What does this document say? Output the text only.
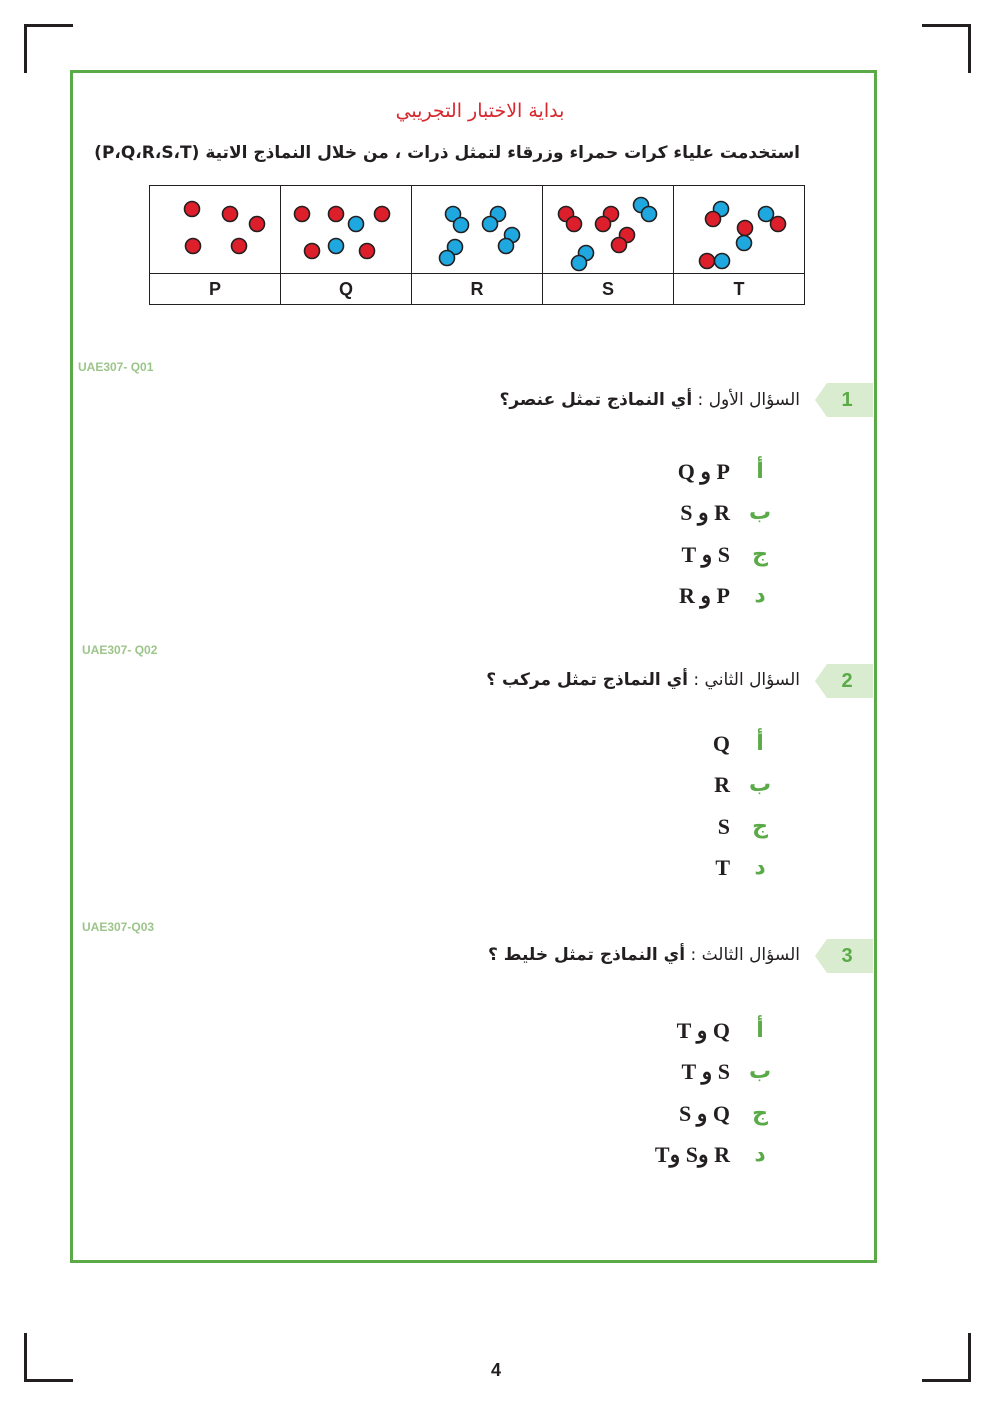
بداية الاختبار التجريبي
استخدمت علياء كرات حمراء وزرقاء لتمثل ذرات ، من خلال النماذج الاتية (P،Q،R،S،T)

P	Q	R	S	T
UAE307- Q01
1
السؤال الأول : أي النماذج تمثل عنصر؟
أ
P و Q
ب
R و S
ج
S و T
د
P و R
UAE307- Q02
2
السؤال الثاني : أي النماذج تمثل مركب ؟
أ
Q
ب
R
ج
S
د
T
UAE307-Q03
3
السؤال الثالث : أي النماذج تمثل خليط ؟
أ
Q و T
ب
S و T
ج
Q و S
د
R وS وT
4
